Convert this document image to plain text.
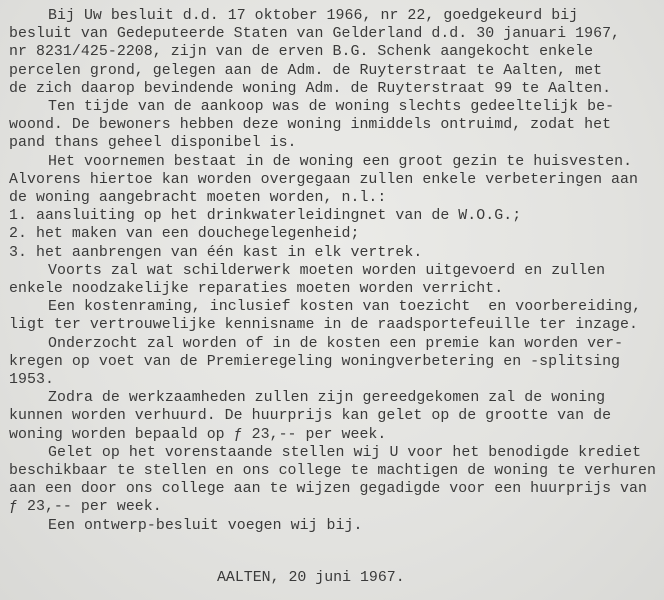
Bij Uw besluit d.d. 17 oktober 1966, nr 22, goedgekeurd bij
besluit van Gedeputeerde Staten van Gelderland d.d. 30 januari 1967,
nr 8231/425-2208, zijn van de erven B.G. Schenk aangekocht enkele
percelen grond, gelegen aan de Adm. de Ruyterstraat te Aalten, met
de zich daarop bevindende woning Adm. de Ruyterstraat 99 te Aalten.
Ten tijde van de aankoop was de woning slechts gedeeltelijk be-
woond. De bewoners hebben deze woning inmiddels ontruimd, zodat het
pand thans geheel disponibel is.
Het voornemen bestaat in de woning een groot gezin te huisvesten.
Alvorens hiertoe kan worden overgegaan zullen enkele verbeteringen aan
de woning aangebracht moeten worden, n.l.:
1. aansluiting op het drinkwaterleidingnet van de W.O.G.;
2. het maken van een douchegelegenheid;
3. het aanbrengen van één kast in elk vertrek.
Voorts zal wat schilderwerk moeten worden uitgevoerd en zullen
enkele noodzakelijke reparaties moeten worden verricht.
Een kostenraming, inclusief kosten van toezicht  en voorbereiding,
ligt ter vertrouwelijke kennisname in de raadsportefeuille ter inzage.
Onderzocht zal worden of in de kosten een premie kan worden ver-
kregen op voet van de Premieregeling woningverbetering en -splitsing
1953.
Zodra de werkzaamheden zullen zijn gereedgekomen zal de woning
kunnen worden verhuurd. De huurprijs kan gelet op de grootte van de
woning worden bepaald op ƒ 23,-- per week.
Gelet op het vorenstaande stellen wij U voor het benodigde krediet
beschikbaar te stellen en ons college te machtigen de woning te verhuren
aan een door ons college aan te wijzen gegadigde voor een huurprijs van
ƒ 23,-- per week.
Een ontwerp-besluit voegen wij bij.
AALTEN, 20 juni 1967.
